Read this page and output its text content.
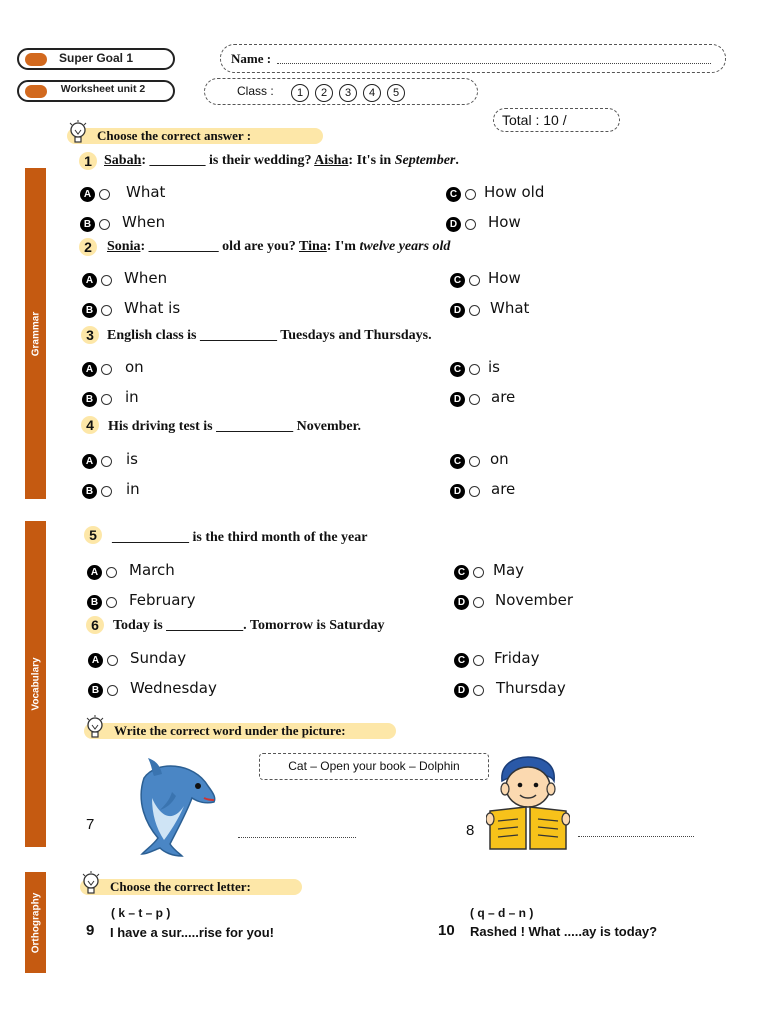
Super Goal 1
Worksheet unit 2
Name :
Class :	1 2 3 4 5
Total : 10 /
Grammar
Vocabulary
Orthography
Choose the correct answer :
1 Sabah: ________ is their wedding? Aisha: It's in September.
A What
B When
C How old
D How
2	Sonia: __________ old are you? Tina: I'm twelve years old
A When
B What is
C How
D What
3 English class is ___________ Tuesdays and Thursdays.
A on
B in
C is
D are
4	His driving test is ___________ November.
A is
B in
C on
D are
5	___________ is the third month of the year
A March
B February
C May
D November
6	Today is ___________. Tomorrow is Saturday
A Sunday
B Wednesday
C Friday
D Thursday
Write the correct word under the picture:
Cat – Open your book – Dolphin
7	8
Choose the correct letter:
( k – t – p )
9 I have a sur.....rise for you!
( q – d – n )
10 Rashed ! What .....ay is today?
